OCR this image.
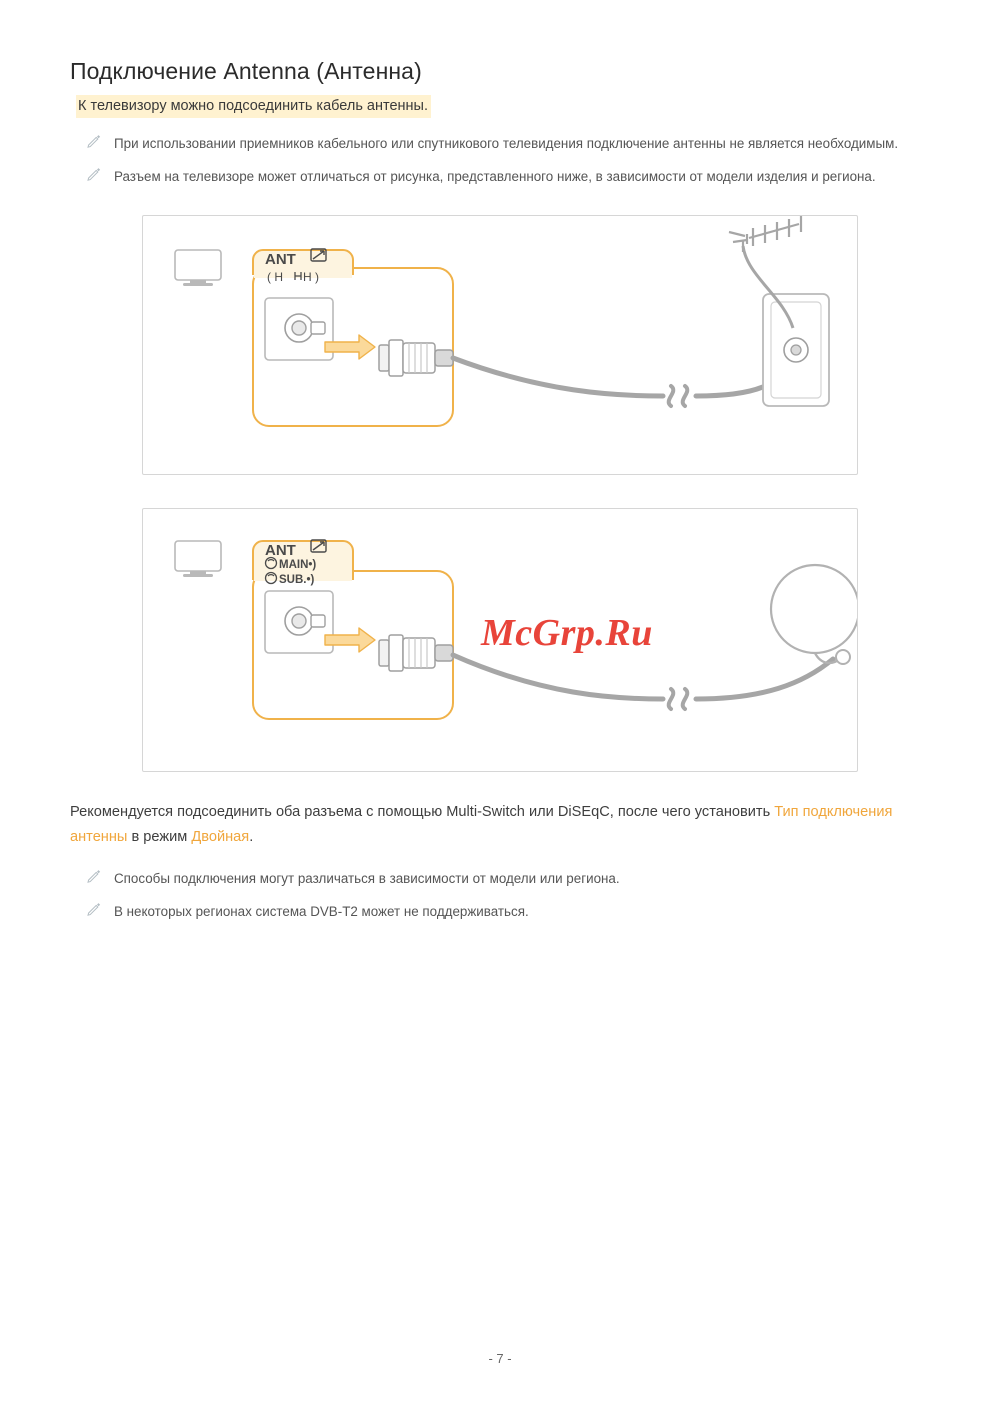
Подключение Antenna (Антенна)
К телевизору можно подсоединить кабель антенны.
При использовании приемников кабельного или спутникового телевидения подключение антенны не является необходимым.
Разъем на телевизоре может отличаться от рисунка, представленного ниже, в зависимости от модели изделия и региона.
ANT
( H H )
ANT
MAIN•)
SUB.•)
McGrp.Ru

Рекомендуется подсоединить оба разъема с помощью Multi-Switch или DiSEqC, после чего установить Тип подключения антенны в режим Двойная.

Способы подключения могут различаться в зависимости от модели или региона.
В некоторых регионах система DVB-T2 может не поддерживаться.
- 7 -
